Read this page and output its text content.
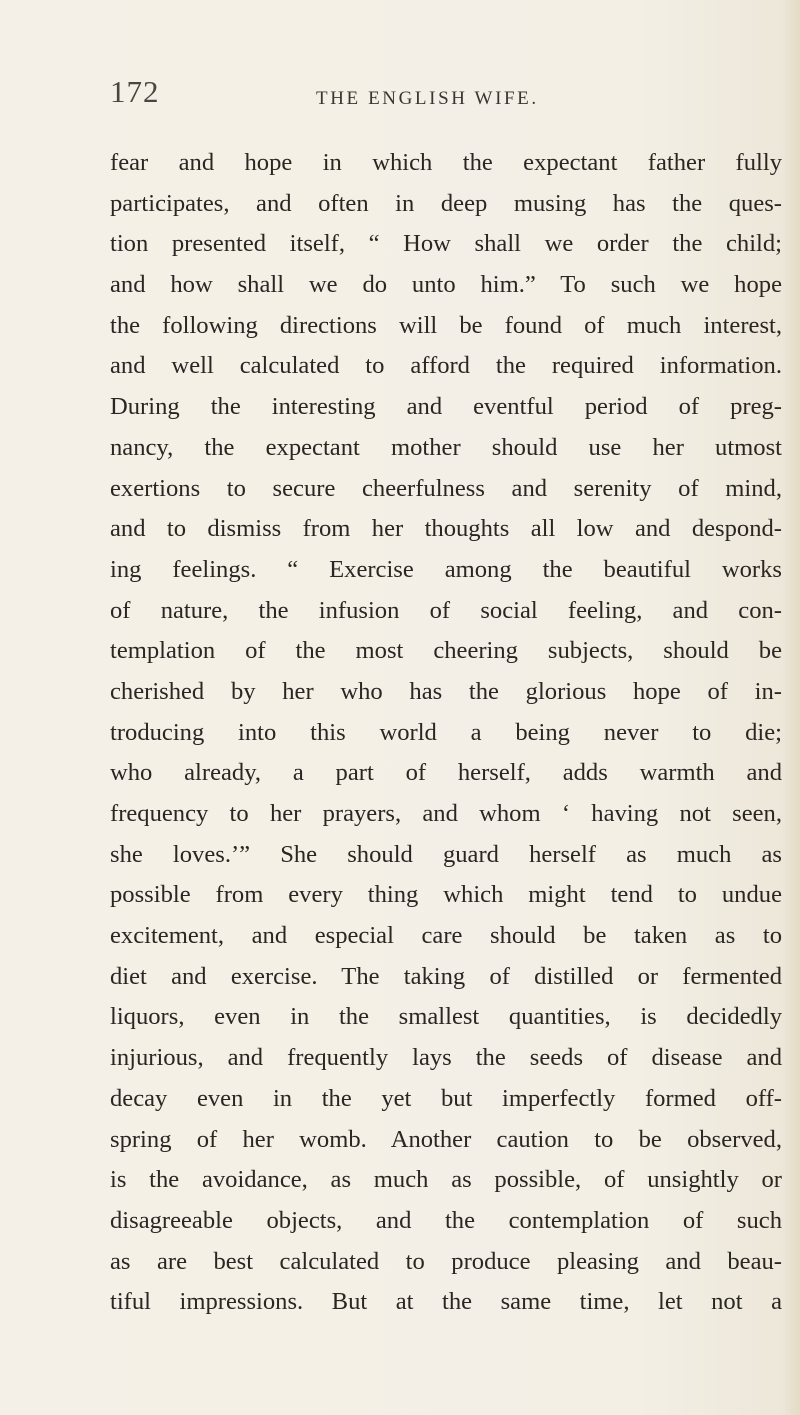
172	THE ENGLISH WIFE.
fear and hope in which the expectant father fully
participates, and often in deep musing has the ques-
tion presented itself, “ How shall we order the child;
and how shall we do unto him.” To such we hope
the following directions will be found of much interest,
and well calculated to afford the required information.
During the interesting and eventful period of preg-
nancy, the expectant mother should use her utmost
exertions to secure cheerfulness and serenity of mind,
and to dismiss from her thoughts all low and despond-
ing feelings. “ Exercise among the beautiful works
of nature, the infusion of social feeling, and con-
templation of the most cheering subjects, should be
cherished by her who has the glorious hope of in-
troducing into this world a being never to die;
who already, a part of herself, adds warmth and
frequency to her prayers, and whom ‘ having not seen,
she loves.’” She should guard herself as much as
possible from every thing which might tend to undue
excitement, and especial care should be taken as to
diet and exercise. The taking of distilled or fermented
liquors, even in the smallest quantities, is decidedly
injurious, and frequently lays the seeds of disease and
decay even in the yet but imperfectly formed off-
spring of her womb. Another caution to be observed,
is the avoidance, as much as possible, of unsightly or
disagreeable objects, and the contemplation of such
as are best calculated to produce pleasing and beau-
tiful impressions. But at the same time, let not a
